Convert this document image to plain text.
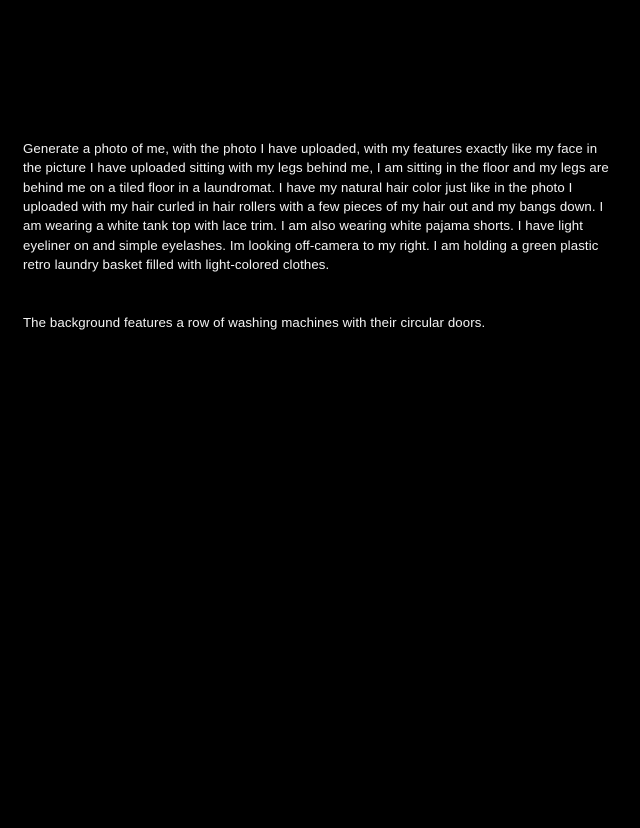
Generate a photo of me, with the photo I have uploaded, with my features exactly like my face in the picture I have uploaded sitting with my legs behind me, I am sitting in the floor and my legs are behind me on a tiled floor in a laundromat. I have my natural hair color just like in the photo I uploaded with my hair curled in hair rollers with a few pieces of my hair out and my bangs down. I am wearing a white tank top with lace trim. I am also wearing white pajama shorts. I have light eyeliner on and simple eyelashes. Im looking off-camera to my right. I am holding a green plastic retro laundry basket filled with light-colored clothes.

The background features a row of washing machines with their circular doors.
